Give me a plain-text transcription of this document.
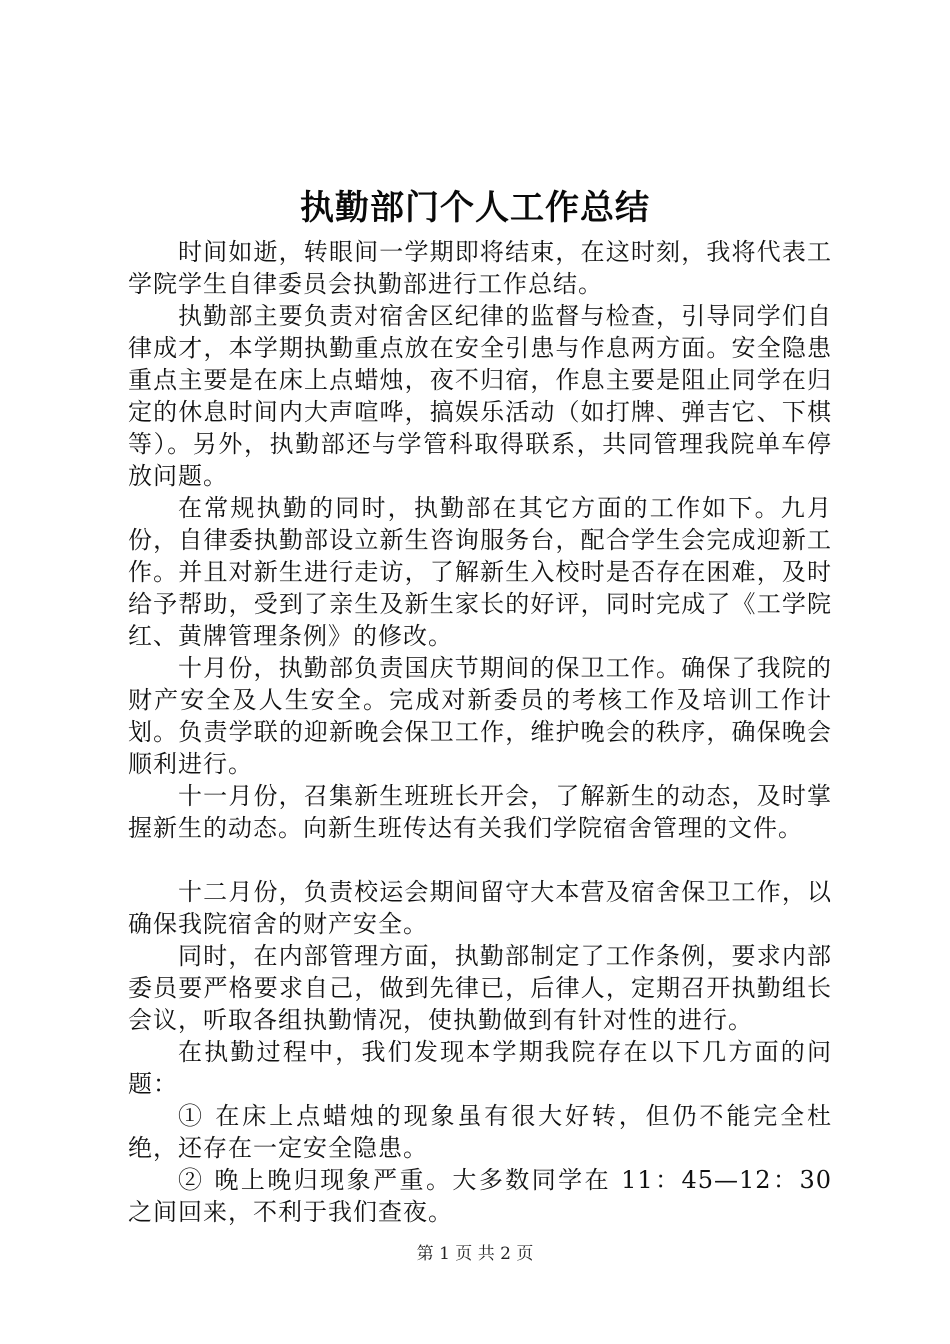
执勤部门个人工作总结

时间如逝，转眼间一学期即将结束，在这时刻，我将代表工学院学生自律委员会执勤部进行工作总结。

执勤部主要负责对宿舍区纪律的监督与检查，引导同学们自律成才，本学期执勤重点放在安全引患与作息两方面。安全隐患重点主要是在床上点蜡烛，夜不归宿，作息主要是阻止同学在归定的休息时间内大声喧哗，搞娱乐活动（如打牌、弹吉它、下棋等）。另外，执勤部还与学管科取得联系，共同管理我院单车停放问题。

在常规执勤的同时，执勤部在其它方面的工作如下。九月份，自律委执勤部设立新生咨询服务台，配合学生会完成迎新工作。并且对新生进行走访，了解新生入校时是否存在困难，及时给予帮助，受到了亲生及新生家长的好评，同时完成了《工学院红、黄牌管理条例》的修改。

十月份，执勤部负责国庆节期间的保卫工作。确保了我院的财产安全及人生安全。完成对新委员的考核工作及培训工作计划。负责学联的迎新晚会保卫工作，维护晚会的秩序，确保晚会顺利进行。

十一月份，召集新生班班长开会，了解新生的动态，及时掌握新生的动态。向新生班传达有关我们学院宿舍管理的文件。

十二月份，负责校运会期间留守大本营及宿舍保卫工作，以确保我院宿舍的财产安全。

同时，在内部管理方面，执勤部制定了工作条例，要求内部委员要严格要求自己，做到先律已，后律人，定期召开执勤组长会议，听取各组执勤情况，使执勤做到有针对性的进行。

在执勤过程中，我们发现本学期我院存在以下几方面的问题：

① 在床上点蜡烛的现象虽有很大好转，但仍不能完全杜绝，还存在一定安全隐患。

② 晚上晚归现象严重。大多数同学在 11：45—12：30 之间回来，不利于我们查夜。

第 1 页 共 2 页
